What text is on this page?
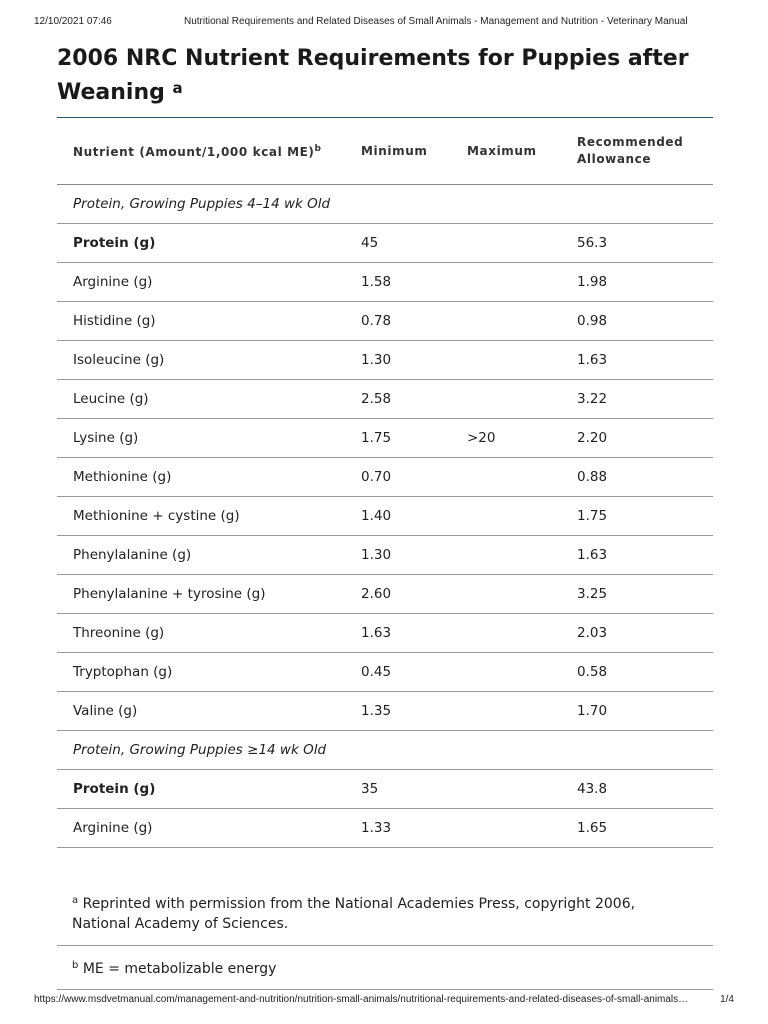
12/10/2021 07:46	Nutritional Requirements and Related Diseases of Small Animals - Management and Nutrition - Veterinary Manual
2006 NRC Nutrient Requirements for Puppies after Weaning $^a$
Nutrient (Amount/1,000 kcal ME)$^b$	Minimum	Maximum	Recommended Allowance
Protein, Growing Puppies 4–14 wk Old			
Protein (g)	45		56.3
Arginine (g)	1.58		1.98
Histidine (g)	0.78		0.98
Isoleucine (g)	1.30		1.63
Leucine (g)	2.58		3.22
Lysine (g)	1.75	>20	2.20
Methionine (g)	0.70		0.88
Methionine + cystine (g)	1.40		1.75
Phenylalanine (g)	1.30		1.63
Phenylalanine + tyrosine (g)	2.60		3.25
Threonine (g)	1.63		2.03
Tryptophan (g)	0.45		0.58
Valine (g)	1.35		1.70
Protein, Growing Puppies ≥14 wk Old			
Protein (g)	35		43.8
Arginine (g)	1.33		1.65

$^a$ Reprinted with permission from the National Academies Press, copyright 2006, National Academy of Sciences.

$^b$ ME = metabolizable energy

https://www.msdvetmanual.com/management-and-nutrition/nutrition-small-animals/nutritional-requirements-and-related-diseases-of-small-animals…	1/4
